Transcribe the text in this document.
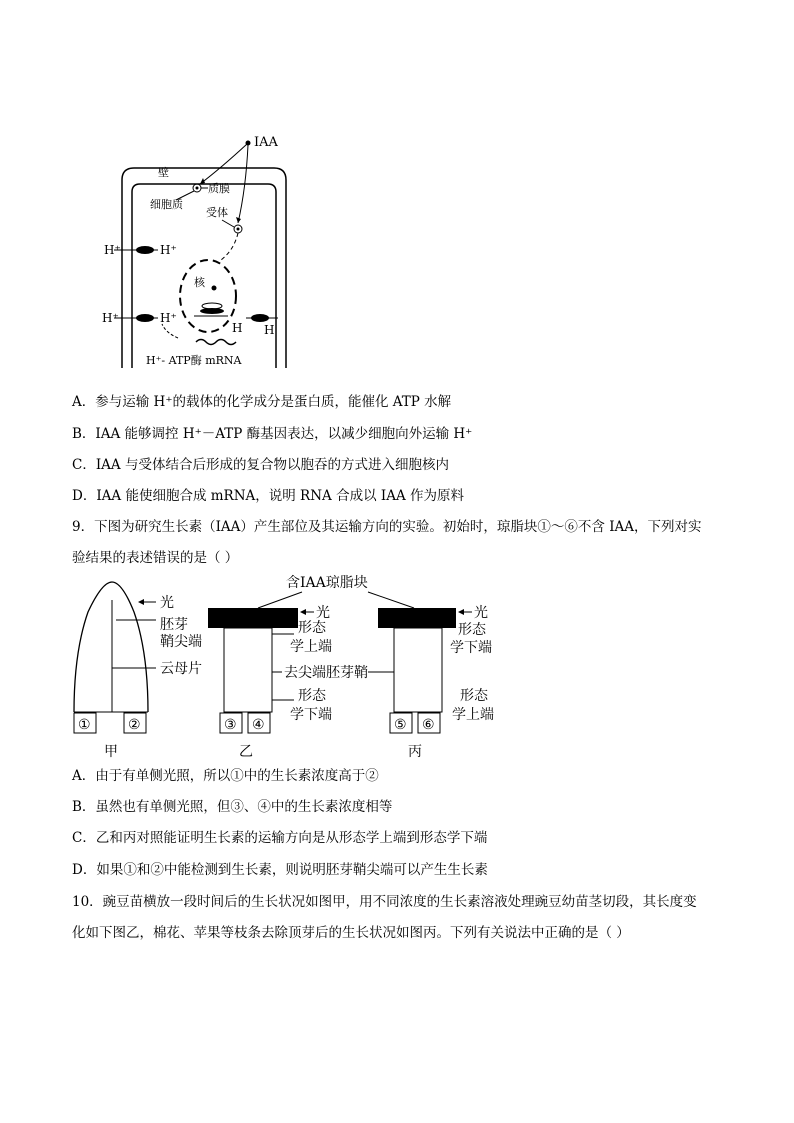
IAA
壁
质膜
细胞质
受体
核
H⁺	H⁺
H⁺	H⁺
H H
H⁺- ATP酶 mRNA
A．参与运输 H⁺的载体的化学成分是蛋白质，能催化 ATP 水解
B．IAA 能够调控 H⁺－ATP 酶基因表达，以减少细胞向外运输 H⁺
C．IAA 与受体结合后形成的复合物以胞吞的方式进入细胞核内
D．IAA 能使细胞合成 mRNA，说明 RNA 合成以 IAA 作为原料
9．下图为研究生长素（IAA）产生部位及其运输方向的实验。初始时，琼脂块①～⑥不含 IAA，下列对实
验结果的表述错误的是（ ）
光
胚芽
鞘尖端
云母片
①	②
甲
含IAA琼脂块
光
形态
学上端
去尖端胚芽鞘
形态
学下端
③ ④
乙
光
形态
学下端
形态
学上端
⑤ ⑥
丙
A．由于有单侧光照，所以①中的生长素浓度高于②
B．虽然也有单侧光照，但③、④中的生长素浓度相等
C．乙和丙对照能证明生长素的运输方向是从形态学上端到形态学下端
D．如果①和②中能检测到生长素，则说明胚芽鞘尖端可以产生生长素
10．豌豆苗横放一段时间后的生长状况如图甲，用不同浓度的生长素溶液处理豌豆幼苗茎切段，其长度变
化如下图乙，棉花、苹果等枝条去除顶芽后的生长状况如图丙。下列有关说法中正确的是（ ）
